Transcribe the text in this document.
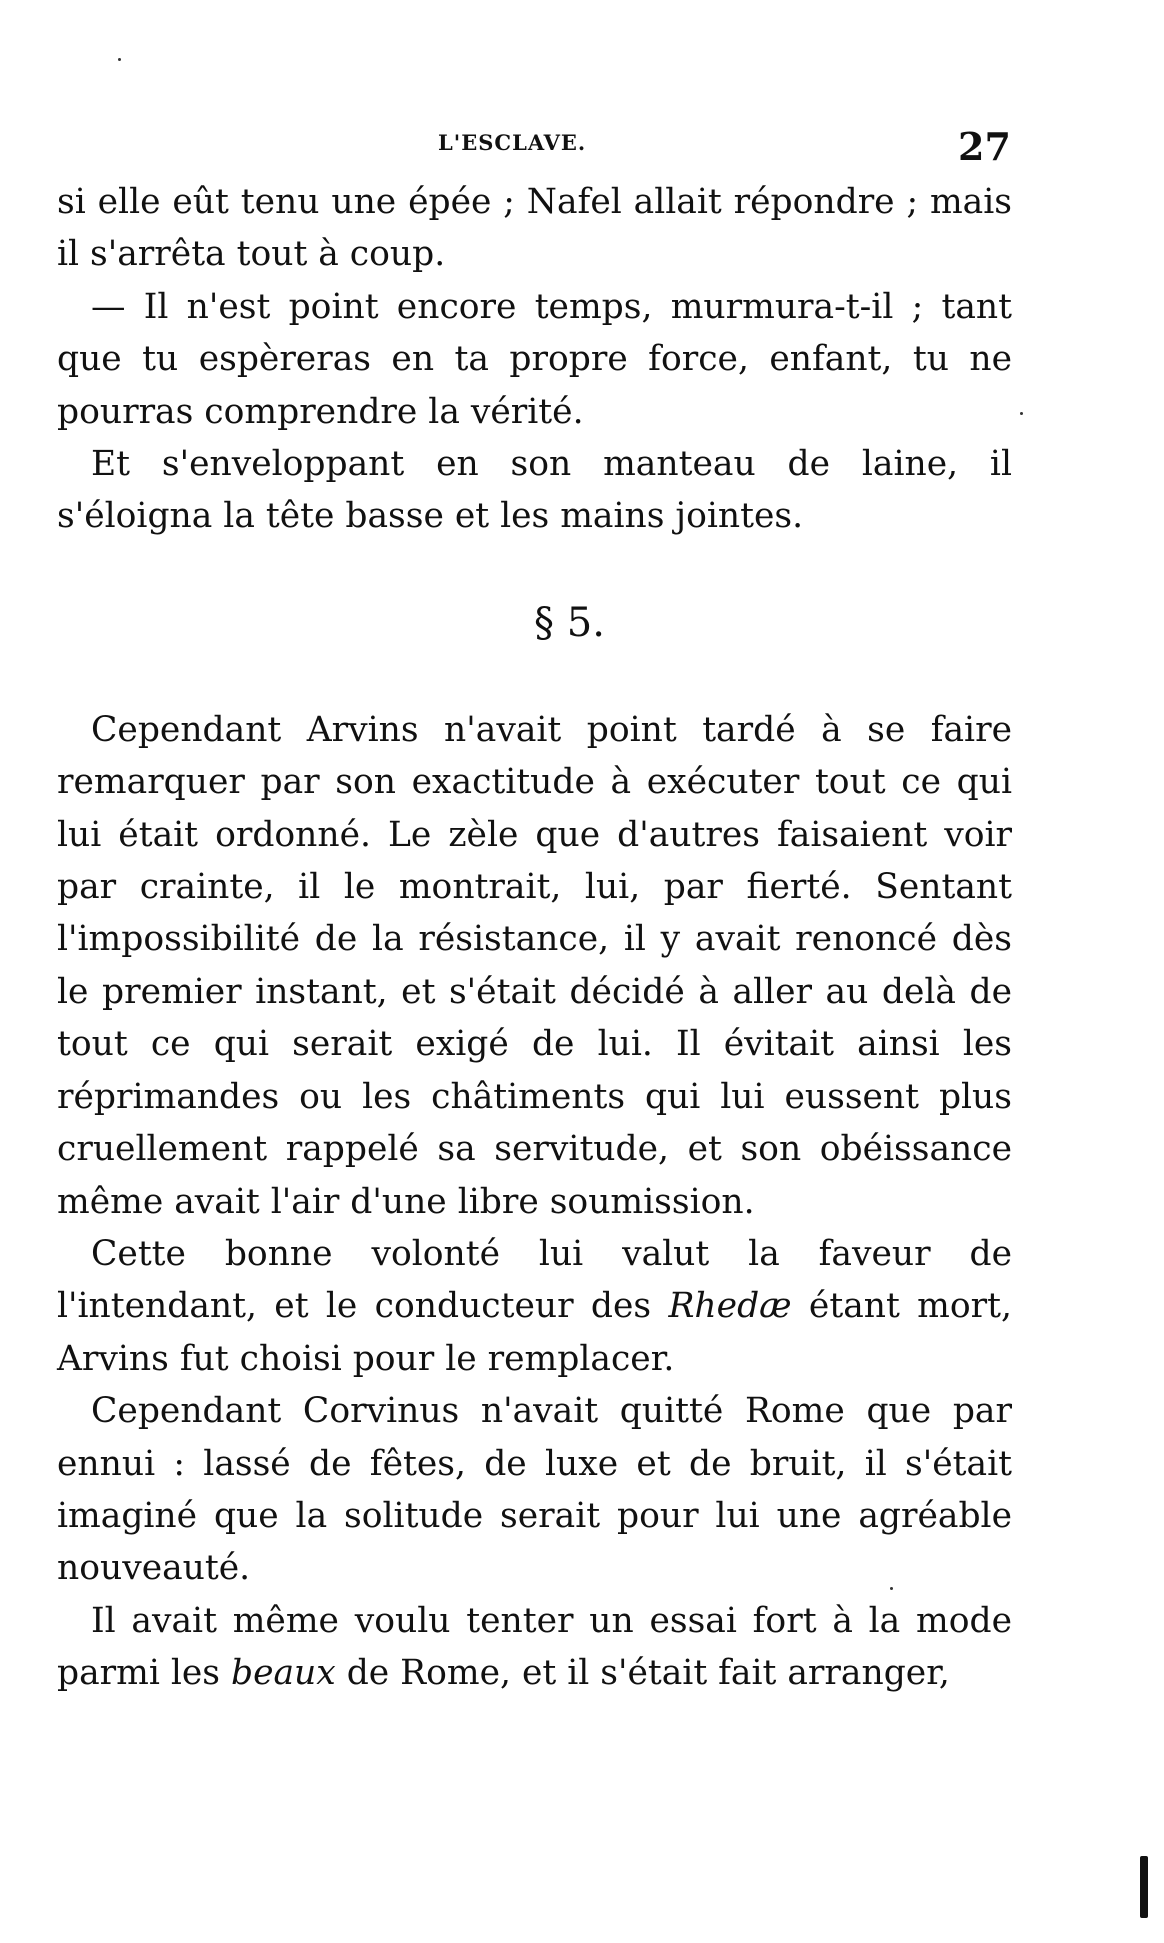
L'ESCLAVE.	27

si elle eût tenu une épée ; Nafel allait répondre ; mais il s'arrêta tout à coup.

— Il n'est point encore temps, murmura-t-il ; tant que tu espèreras en ta propre force, enfant, tu ne pourras comprendre la vérité.

Et s'enveloppant en son manteau de laine, il s'éloigna la tête basse et les mains jointes.

§ 5.

Cependant Arvins n'avait point tardé à se faire remarquer par son exactitude à exécuter tout ce qui lui était ordonné. Le zèle que d'autres faisaient voir par crainte, il le montrait, lui, par fierté. Sentant l'impossibilité de la résistance, il y avait renoncé dès le premier instant, et s'était décidé à aller au delà de tout ce qui serait exigé de lui. Il évitait ainsi les réprimandes ou les châtiments qui lui eussent plus cruellement rappelé sa servitude, et son obéissance même avait l'air d'une libre soumission.

Cette bonne volonté lui valut la faveur de l'intendant, et le conducteur des Rhedæ étant mort, Arvins fut choisi pour le remplacer.

Cependant Corvinus n'avait quitté Rome que par ennui : lassé de fêtes, de luxe et de bruit, il s'était imaginé que la solitude serait pour lui une agréable nouveauté.

Il avait même voulu tenter un essai fort à la mode parmi les beaux de Rome, et il s'était fait arranger,
